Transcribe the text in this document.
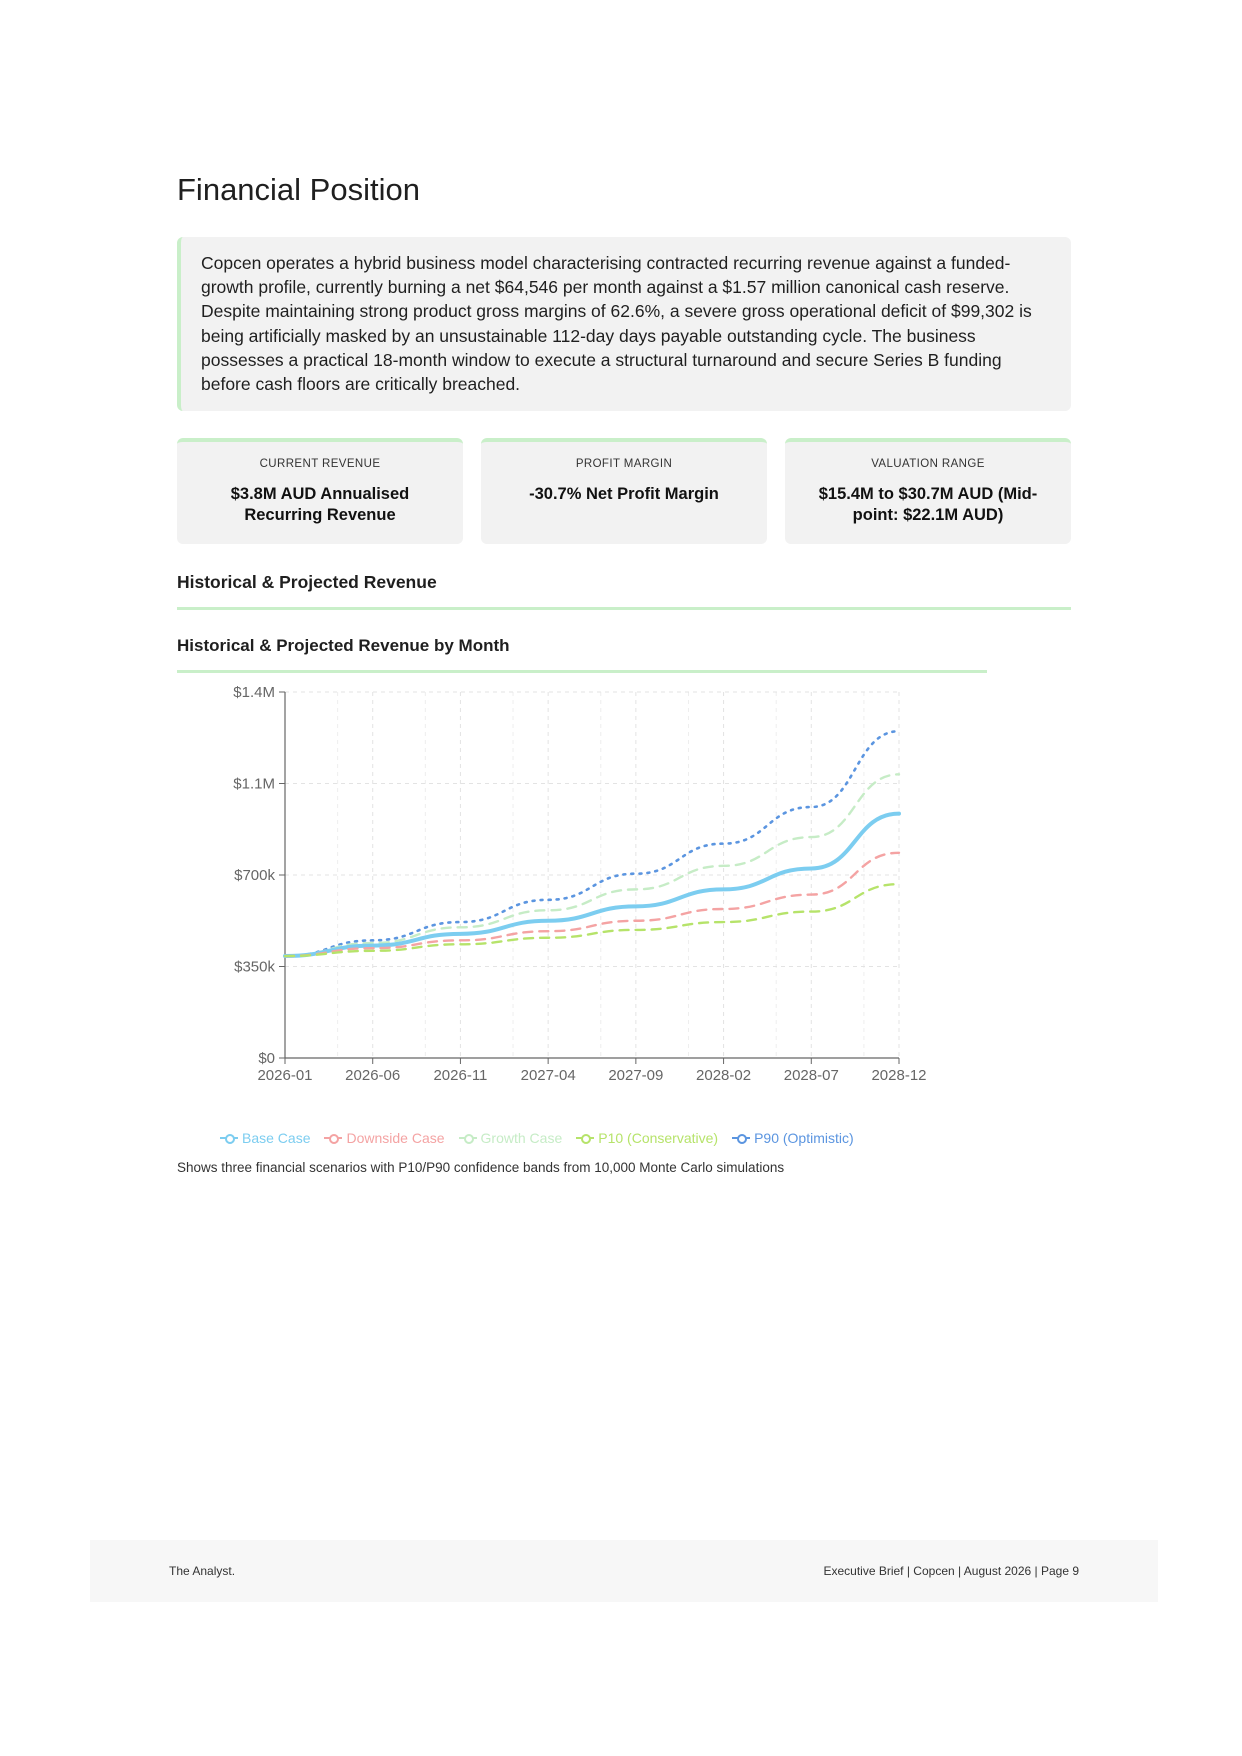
Financial Position

Copcen operates a hybrid business model characterising contracted recurring revenue against a funded-growth profile, currently burning a net $64,546 per month against a $1.57 million canonical cash reserve. Despite maintaining strong product gross margins of 62.6%, a severe gross operational deficit of $99,302 is being artificially masked by an unsustainable 112-day days payable outstanding cycle. The business possesses a practical 18-month window to execute a structural turnaround and secure Series B funding before cash floors are critically breached.

CURRENT REVENUE
$3.8M AUD Annualised Recurring Revenue
PROFIT MARGIN
-30.7% Net Profit Margin
VALUATION RANGE
$15.4M to $30.7M AUD (Mid-point: $22.1M AUD)
Historical & Projected Revenue
Historical & Projected Revenue by Month
$0
$350k
$700k
$1.1M
$1.4M
2026-01 2026-06 2026-11 2027-04 2027-09 2028-02 2028-07 2028-12
Base Case	Downside Case	Growth Case	P10 (Conservative)	P90 (Optimistic)
Shows three financial scenarios with P10/P90 confidence bands from 10,000 Monte Carlo simulations
The Analyst.	Executive Brief | Copcen | August 2026 | Page 9
